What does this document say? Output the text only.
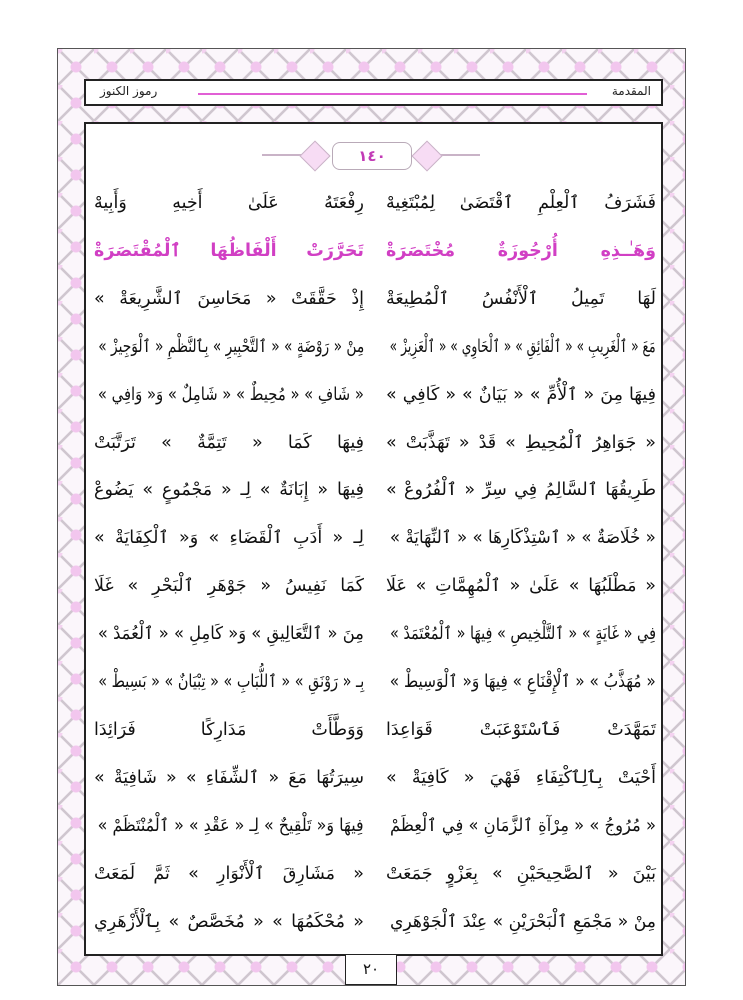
المقدمة
رموز الكنوز
١٤٠
فَشَرَفُ ٱلْعِلْمِ ٱقْتَضَىٰ لِمُبْتَغِيهْ
رِفْعَتَهُ عَلَىٰ أَخِيهِ وَأَبِيهْ
وَهَـٰـذِهِ أُرْجُوزَةٌ مُخْتَصَرَةْ
تَحَرَّرَتْ أَلْفَاظُهَا ٱلْمُقْتَصَرَةْ
لَهَا تَمِيلُ ٱلْأَنْفُسُ ٱلْمُطِيعَةْ
إِذْ حَقَّقَتْ « مَحَاسِنَ ٱلشَّرِيعَةْ »
مَعَ « ٱلْغَرِيبِ » « ٱلْفَائِقِ » « ٱلْحَاوِي » « ٱلْعَزِيزْ »
مِنْ « رَوْضَةٍ » « ٱلتَّحْبِيرِ » بِٱلنَّظْمِ « ٱلْوَجِيزْ »
فِيهَا مِنَ « ٱلْأُمِّ » « بَيَانٌ » « كَافِي »
« شَافِ » « مُحِيطٌ » « شَامِلٌ » وَ« وَافِي »
« جَوَاهِرُ ٱلْمُحِيطِ » قَدْ « تَهَذَّبَتْ »
فِيهَا كَمَا « تَتِمَّةٌ » تَرَتَّبَتْ
طَرِيقُهَا ٱلسَّالِمُ فِي سِرِّ « ٱلْفُرُوعْ »
فِيهَا « إِبَانَةٌ » لِـ « مَجْمُوعٍ » يَضُوعْ
« خُلَاصَةٌ » « ٱسْتِذْكَارِهَا » « ٱلنِّهَايَةْ »
لِـ « أَدَبِ ٱلْقَضَاءِ » وَ« ٱلْكِفَايَةْ »
« مَطْلَبُهَا » عَلَىٰ « ٱلْمُهِمَّاتِ » عَلَا
كَمَا نَفِيسُ « جَوْهَرِ ٱلْبَحْرِ » غَلَا
فِي « غَايَةٍ » « ٱلتَّلْخِيصِ » فِيهَا « ٱلْمُعْتَمَدْ »
مِنَ « ٱلتَّعَالِيقِ » وَ« كَامِلِ » « ٱلْعُمَدْ »
« مُهَذَّبُ » « ٱلْإِقْنَاعِ » فِيهَا وَ« ٱلْوَسِيطْ »
بِـ « رَوْنَقِ » « ٱللُّبَابِ » « تِبْيَانٌ » « بَسِيطْ »
تَمَهَّدَتْ فَٱسْتَوْعَبَتْ قَوَاعِدَا
وَوَطَّأَتْ مَدَارِكًا فَرَائِدَا
أَحْيَتْ بِٱلِٱكْتِفَاءِ فَهْيَ « كَافِيَةْ »
سِيرَتُهَا مَعَ « ٱلشِّفَاءِ » « شَافِيَةْ »
« مُرُوجُ » « مِرْآةِ ٱلزَّمَانِ » فِي ٱلْعِظَمْ
فِيهَا وَ« تَلْقِيحٌ » لِـ « عَقْدِ » « ٱلْمُنْتَظَمْ »
بَيْنَ « ٱلصَّحِيحَيْنِ » بِعَزْوٍ جَمَعَتْ
« مَشَارِقَ ٱلْأَنْوَارِ » ثَمَّ لَمَعَتْ
مِنْ « مَجْمَعِ ٱلْبَحْرَيْنِ » عِنْدَ ٱلْجَوْهَرِي
« مُحْكَمُهَا » « مُخَصَّصٌ » بِٱلْأَزْهَرِي
٢٠
